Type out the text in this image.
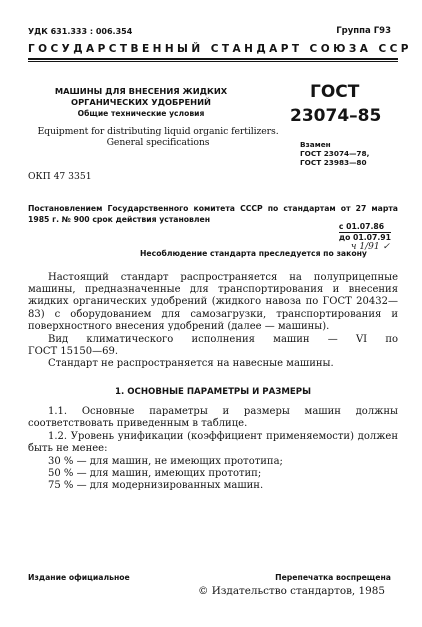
УДК 631.333 : 006.354	Группа Г93
ГОСУДАРСТВЕННЫЙ СТАНДАРТ СОЮЗА ССР
МАШИНЫ ДЛЯ ВНЕСЕНИЯ ЖИДКИХ
ОРГАНИЧЕСКИХ УДОБРЕНИЙ
Общие технические условия
ГОСТ
23074–85
Взамен
ГОСТ 23074—78,
ГОСТ 23983—80
Equipment for distributing liquid organic fertilizers.
General specifications
ОКП 47 3351
Постановлением Государственного комитета СССР по стандартам от 27 марта 1985 г. № 900 срок действия установлен
с 01.07.86
до 01.07.91
ч 1/91 ✓
Несоблюдение стандарта преследуется по закону
Настоящий стандарт распространяется на полуприцепные машины, предназначенные для транспортирования и внесения жидких органических удобрений (жидкого навоза по ГОСТ 20432—83) с оборудованием для самозагрузки, транспортирования и поверхностного внесения удобрений (далее — машины).
Вид климатического исполнения машин — VI по
ГОСТ 15150—69.
Стандарт не распространяется на навесные машины.
1. ОСНОВНЫЕ ПАРАМЕТРЫ И РАЗМЕРЫ
1.1. Основные параметры и размеры машин должны соответствовать приведенным в таблице.
1.2. Уровень унификации (коэффициент применяемости) должен быть не менее:
30 % — для машин, не имеющих прототипа;
50 % — для машин, имеющих прототип;
75 % — для модернизированных машин.
Издание официальное	Перепечатка воспрещена
© Издательство стандартов, 1985
